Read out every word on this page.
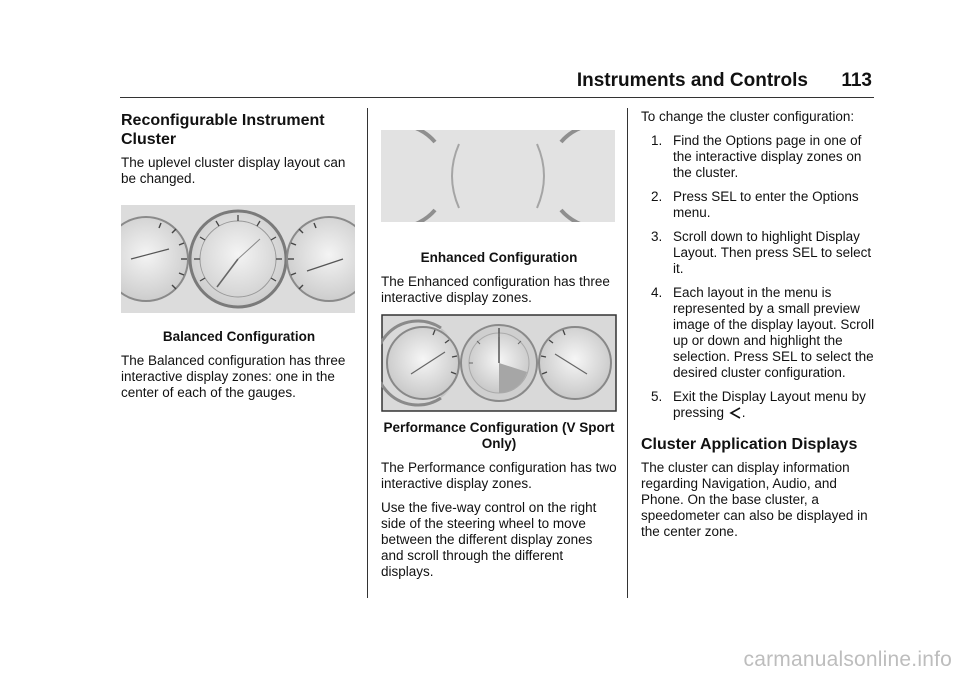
Instruments and Controls 113
Reconfigurable Instrument Cluster

The uplevel cluster display layout can be changed.

Balanced Configuration

The Balanced configuration has three interactive display zones: one in the center of each of the gauges.

Enhanced Configuration

The Enhanced configuration has three interactive display zones.

Performance Configuration (V Sport Only)

The Performance configuration has two interactive display zones.

Use the five-way control on the right side of the steering wheel to move between the different display zones and scroll through the different displays.

To change the cluster configuration:

1. Find the Options page in one of the interactive display zones on the cluster.
2. Press SEL to enter the Options menu.
3. Scroll down to highlight Display Layout. Then press SEL to select it.
4. Each layout in the menu is represented by a small preview image of the display layout. Scroll up or down and highlight the selection. Press SEL to select the desired cluster configuration.
5. Exit the Display Layout menu by pressing .
Cluster Application Displays

The cluster can display information regarding Navigation, Audio, and Phone. On the base cluster, a speedometer can also be displayed in the center zone.

carmanualsonline.info
